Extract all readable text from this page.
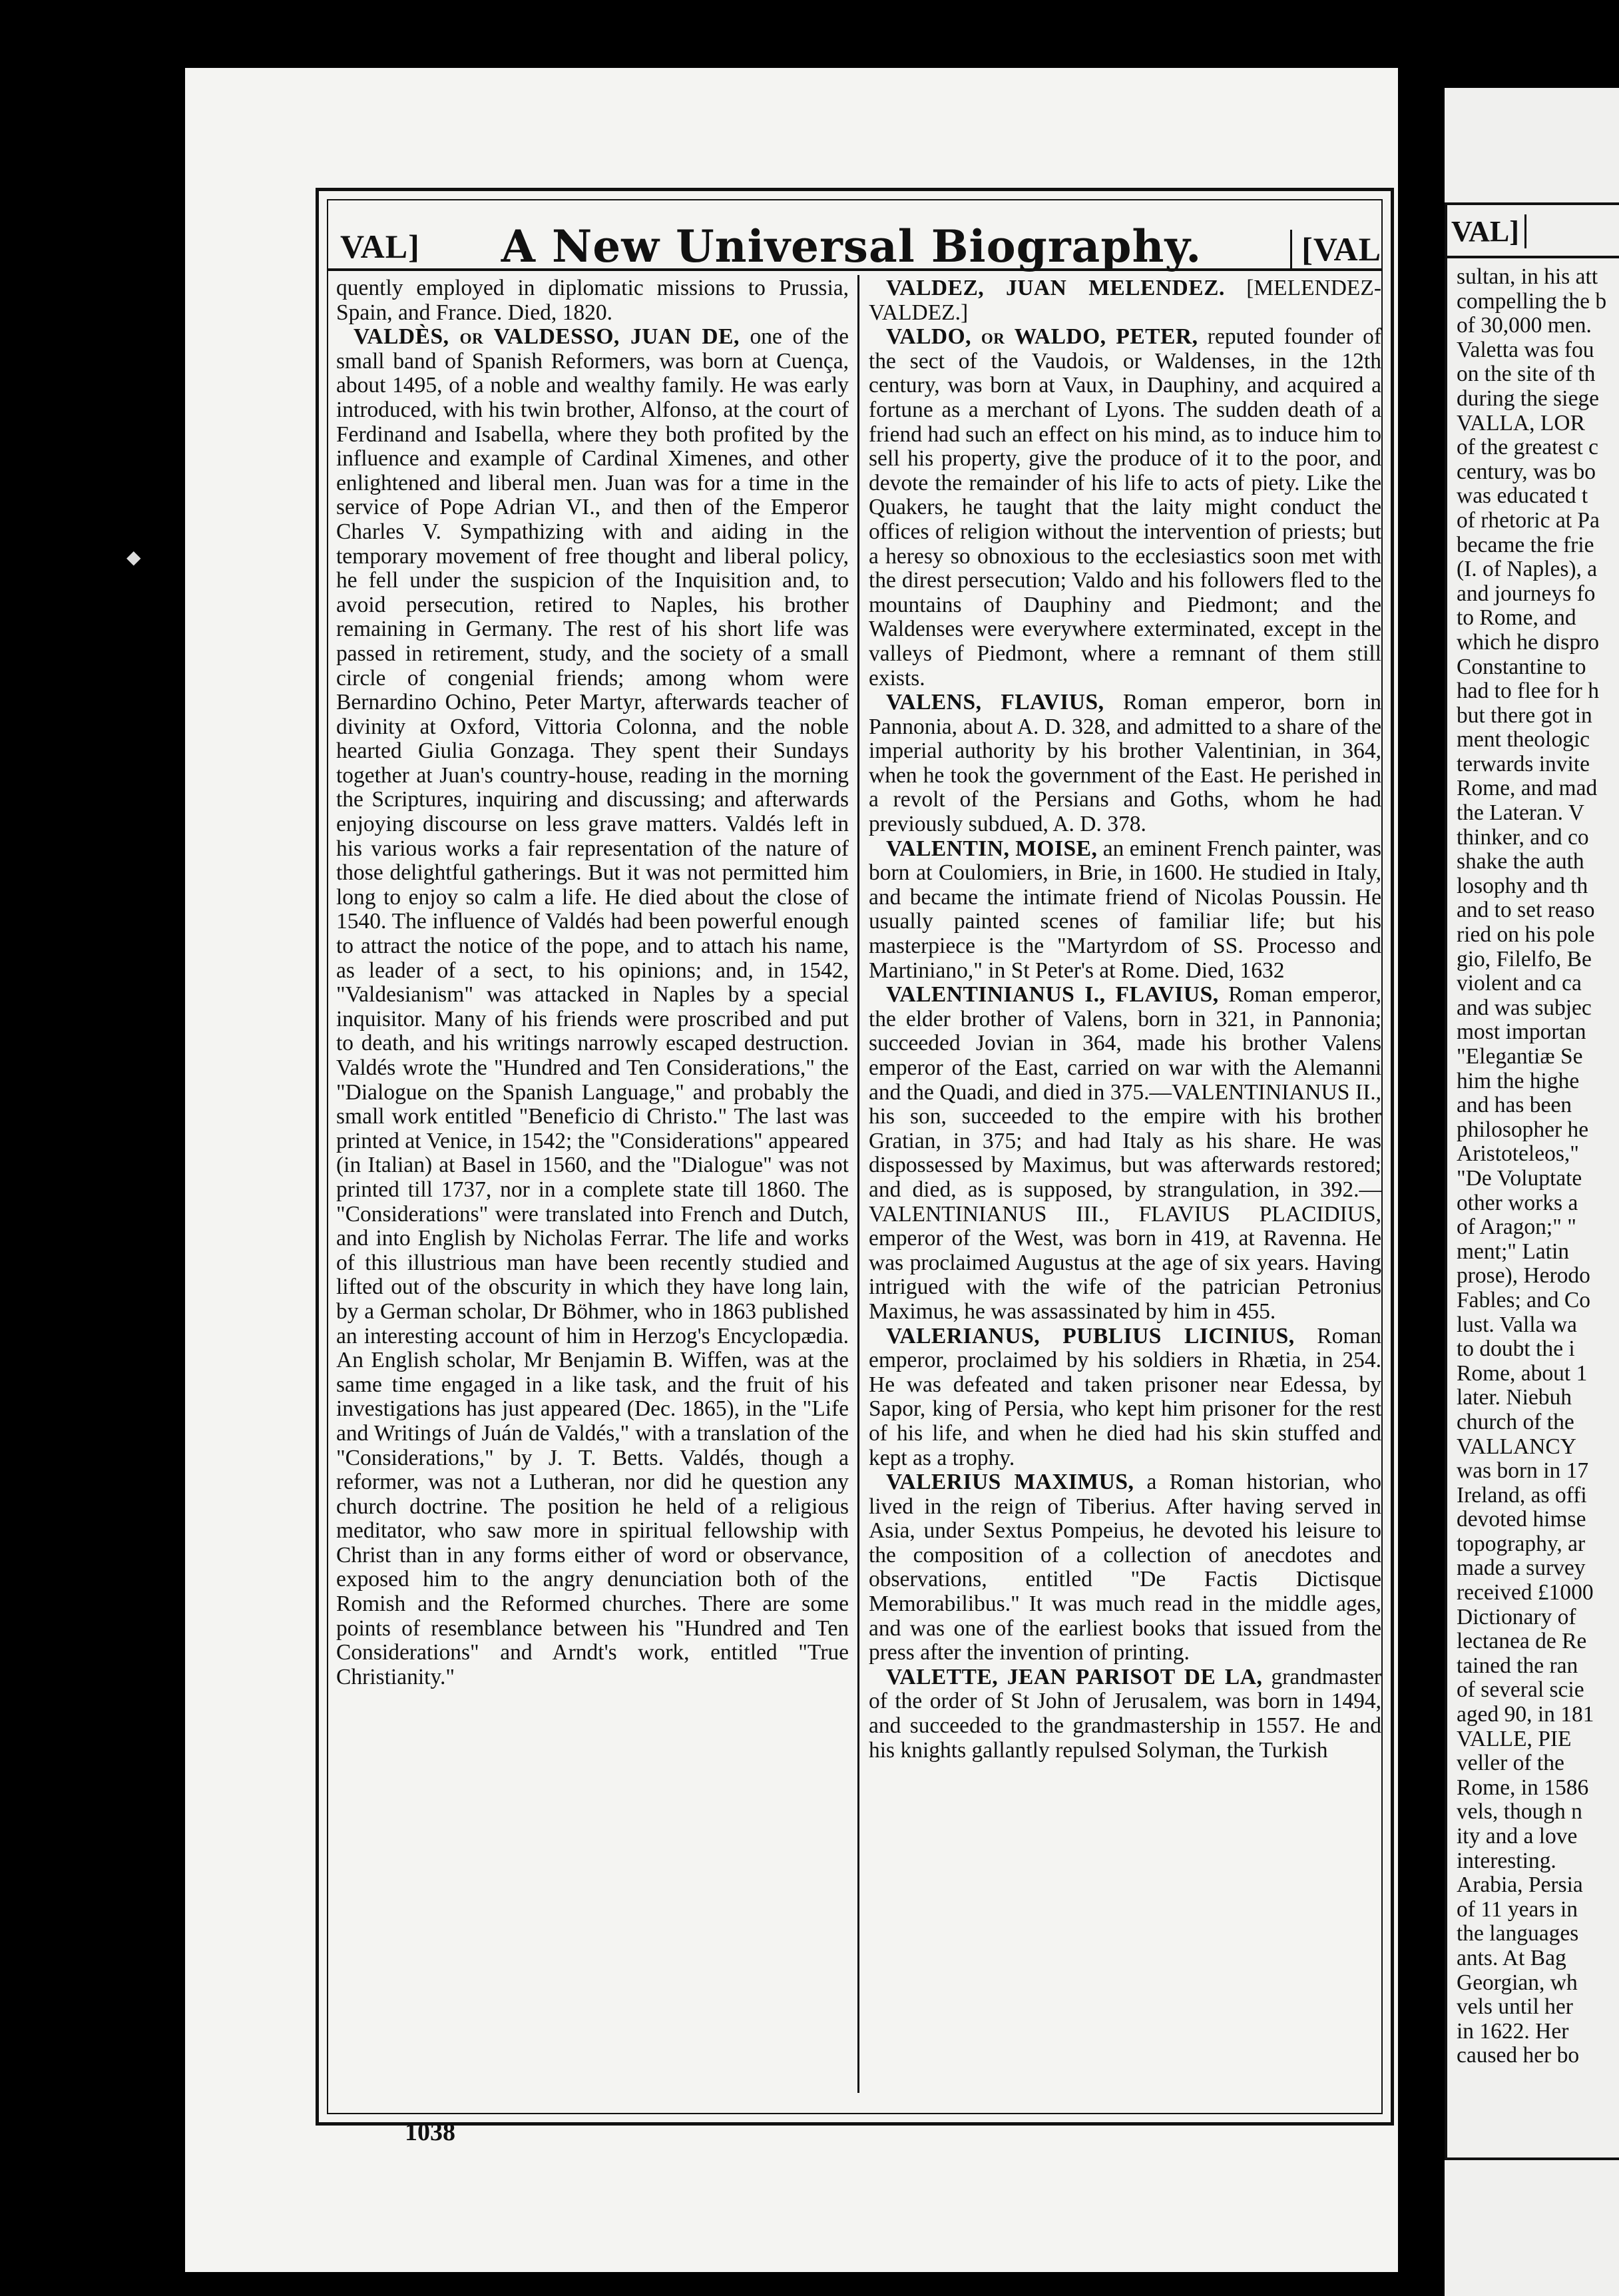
VAL]	A New Universal Biography.	[VAL

quently employed in diplomatic missions to Prussia, Spain, and France. Died, 1820.

VALDÈS, or VALDESSO, JUAN DE, one of the small band of Spanish Reformers, was born at Cuença, about 1495, of a noble and wealthy family. He was early introduced, with his twin brother, Alfonso, at the court of Ferdinand and Isabella, where they both profited by the influence and example of Cardinal Ximenes, and other enlightened and liberal men. Juan was for a time in the service of Pope Adrian VI., and then of the Emperor Charles V. Sympathizing with and aiding in the temporary movement of free thought and liberal policy, he fell under the suspicion of the Inquisition and, to avoid persecution, retired to Naples, his brother remaining in Germany. The rest of his short life was passed in retirement, study, and the society of a small circle of congenial friends; among whom were Bernardino Ochino, Peter Martyr, afterwards teacher of divinity at Oxford, Vittoria Colonna, and the noble hearted Giulia Gonzaga. They spent their Sundays together at Juan's country-house, reading in the morning the Scriptures, inquiring and discussing; and afterwards enjoying discourse on less grave matters. Valdés left in his various works a fair representation of the nature of those delightful gatherings. But it was not permitted him long to enjoy so calm a life. He died about the close of 1540. The influence of Valdés had been powerful enough to attract the notice of the pope, and to attach his name, as leader of a sect, to his opinions; and, in 1542, "Valdesianism" was attacked in Naples by a special inquisitor. Many of his friends were proscribed and put to death, and his writings narrowly escaped destruction. Valdés wrote the "Hundred and Ten Considerations," the "Dialogue on the Spanish Language," and probably the small work entitled "Beneficio di Christo." The last was printed at Venice, in 1542; the "Considerations" appeared (in Italian) at Basel in 1560, and the "Dialogue" was not printed till 1737, nor in a complete state till 1860. The "Considerations" were translated into French and Dutch, and into English by Nicholas Ferrar. The life and works of this illustrious man have been recently studied and lifted out of the obscurity in which they have long lain, by a German scholar, Dr Böhmer, who in 1863 published an interesting account of him in Herzog's Encyclopædia. An English scholar, Mr Benjamin B. Wiffen, was at the same time engaged in a like task, and the fruit of his investigations has just appeared (Dec. 1865), in the "Life and Writings of Juán de Valdés," with a translation of the "Considerations," by J. T. Betts. Valdés, though a reformer, was not a Lutheran, nor did he question any church doctrine. The position he held of a religious meditator, who saw more in spiritual fellowship with Christ than in any forms either of word or observance, exposed him to the angry denunciation both of the Romish and the Reformed churches. There are some points of resemblance between his "Hundred and Ten Considerations" and Arndt's work, entitled "True Christianity."

VALDEZ, JUAN MELENDEZ. [MELENDEZ-VALDEZ.]

VALDO, or WALDO, PETER, reputed founder of the sect of the Vaudois, or Waldenses, in the 12th century, was born at Vaux, in Dauphiny, and acquired a fortune as a merchant of Lyons. The sudden death of a friend had such an effect on his mind, as to induce him to sell his property, give the produce of it to the poor, and devote the remainder of his life to acts of piety. Like the Quakers, he taught that the laity might conduct the offices of religion without the intervention of priests; but a heresy so obnoxious to the ecclesiastics soon met with the direst persecution; Valdo and his followers fled to the mountains of Dauphiny and Piedmont; and the Waldenses were everywhere exterminated, except in the valleys of Piedmont, where a remnant of them still exists.

VALENS, FLAVIUS, Roman emperor, born in Pannonia, about A. D. 328, and admitted to a share of the imperial authority by his brother Valentinian, in 364, when he took the government of the East. He perished in a revolt of the Persians and Goths, whom he had previously subdued, A. D. 378.

VALENTIN, MOISE, an eminent French painter, was born at Coulomiers, in Brie, in 1600. He studied in Italy, and became the intimate friend of Nicolas Poussin. He usually painted scenes of familiar life; but his masterpiece is the "Martyrdom of SS. Processo and Martiniano," in St Peter's at Rome. Died, 1632

VALENTINIANUS I., FLAVIUS, Roman emperor, the elder brother of Valens, born in 321, in Pannonia; succeeded Jovian in 364, made his brother Valens emperor of the East, carried on war with the Alemanni and the Quadi, and died in 375.—VALENTINIANUS II., his son, succeeded to the empire with his brother Gratian, in 375; and had Italy as his share. He was dispossessed by Maximus, but was afterwards restored; and died, as is supposed, by strangulation, in 392.—VALENTINIANUS III., FLAVIUS PLACIDIUS, emperor of the West, was born in 419, at Ravenna. He was proclaimed Augustus at the age of six years. Having intrigued with the wife of the patrician Petronius Maximus, he was assassinated by him in 455.

VALERIANUS, PUBLIUS LICINIUS, Roman emperor, proclaimed by his soldiers in Rhætia, in 254. He was defeated and taken prisoner near Edessa, by Sapor, king of Persia, who kept him prisoner for the rest of his life, and when he died had his skin stuffed and kept as a trophy.

VALERIUS MAXIMUS, a Roman historian, who lived in the reign of Tiberius. After having served in Asia, under Sextus Pompeius, he devoted his leisure to the composition of a collection of anecdotes and observations, entitled "De Factis Dictisque Memorabilibus." It was much read in the middle ages, and was one of the earliest books that issued from the press after the invention of printing.

VALETTE, JEAN PARISOT DE LA, grandmaster of the order of St John of Jerusalem, was born in 1494, and succeeded to the grandmastership in 1557. He and his knights gallantly repulsed Solyman, the Turkish

1038
VAL]
sultan, in his att
compelling the b
of 30,000 men.
Valetta was fou
on the site of th
during the siege
VALLA, LOR
of the greatest c
century, was bo
was educated t
of rhetoric at Pa
became the frie
(I. of Naples), a
and journeys fo
to Rome, and
which he dispro
Constantine to
had to flee for h
but there got in
ment theologic
terwards invite
Rome, and mad
the Lateran. V
thinker, and co
shake the auth
losophy and th
and to set reaso
ried on his pole
gio, Filelfo, Be
violent and ca
and was subjec
most importan
"Elegantiæ Se
him the highe
and has been
philosopher he
Aristoteleos,"
"De Voluptate
other works a
of Aragon;" "
ment;" Latin
prose), Herodo
Fables; and Co
lust. Valla wa
to doubt the i
Rome, about 1
later. Niebuh
church of the
VALLANCY
was born in 17
Ireland, as offi
devoted himse
topography, ar
made a survey
received £1000
Dictionary of
lectanea de Re
tained the ran
of several scie
aged 90, in 181
VALLE, PIE
veller of the
Rome, in 1586
vels, though n
ity and a love
interesting.
Arabia, Persia
of 11 years in
the languages
ants. At Bag
Georgian, wh
vels until her
in 1622. Her
caused her bo
◆
